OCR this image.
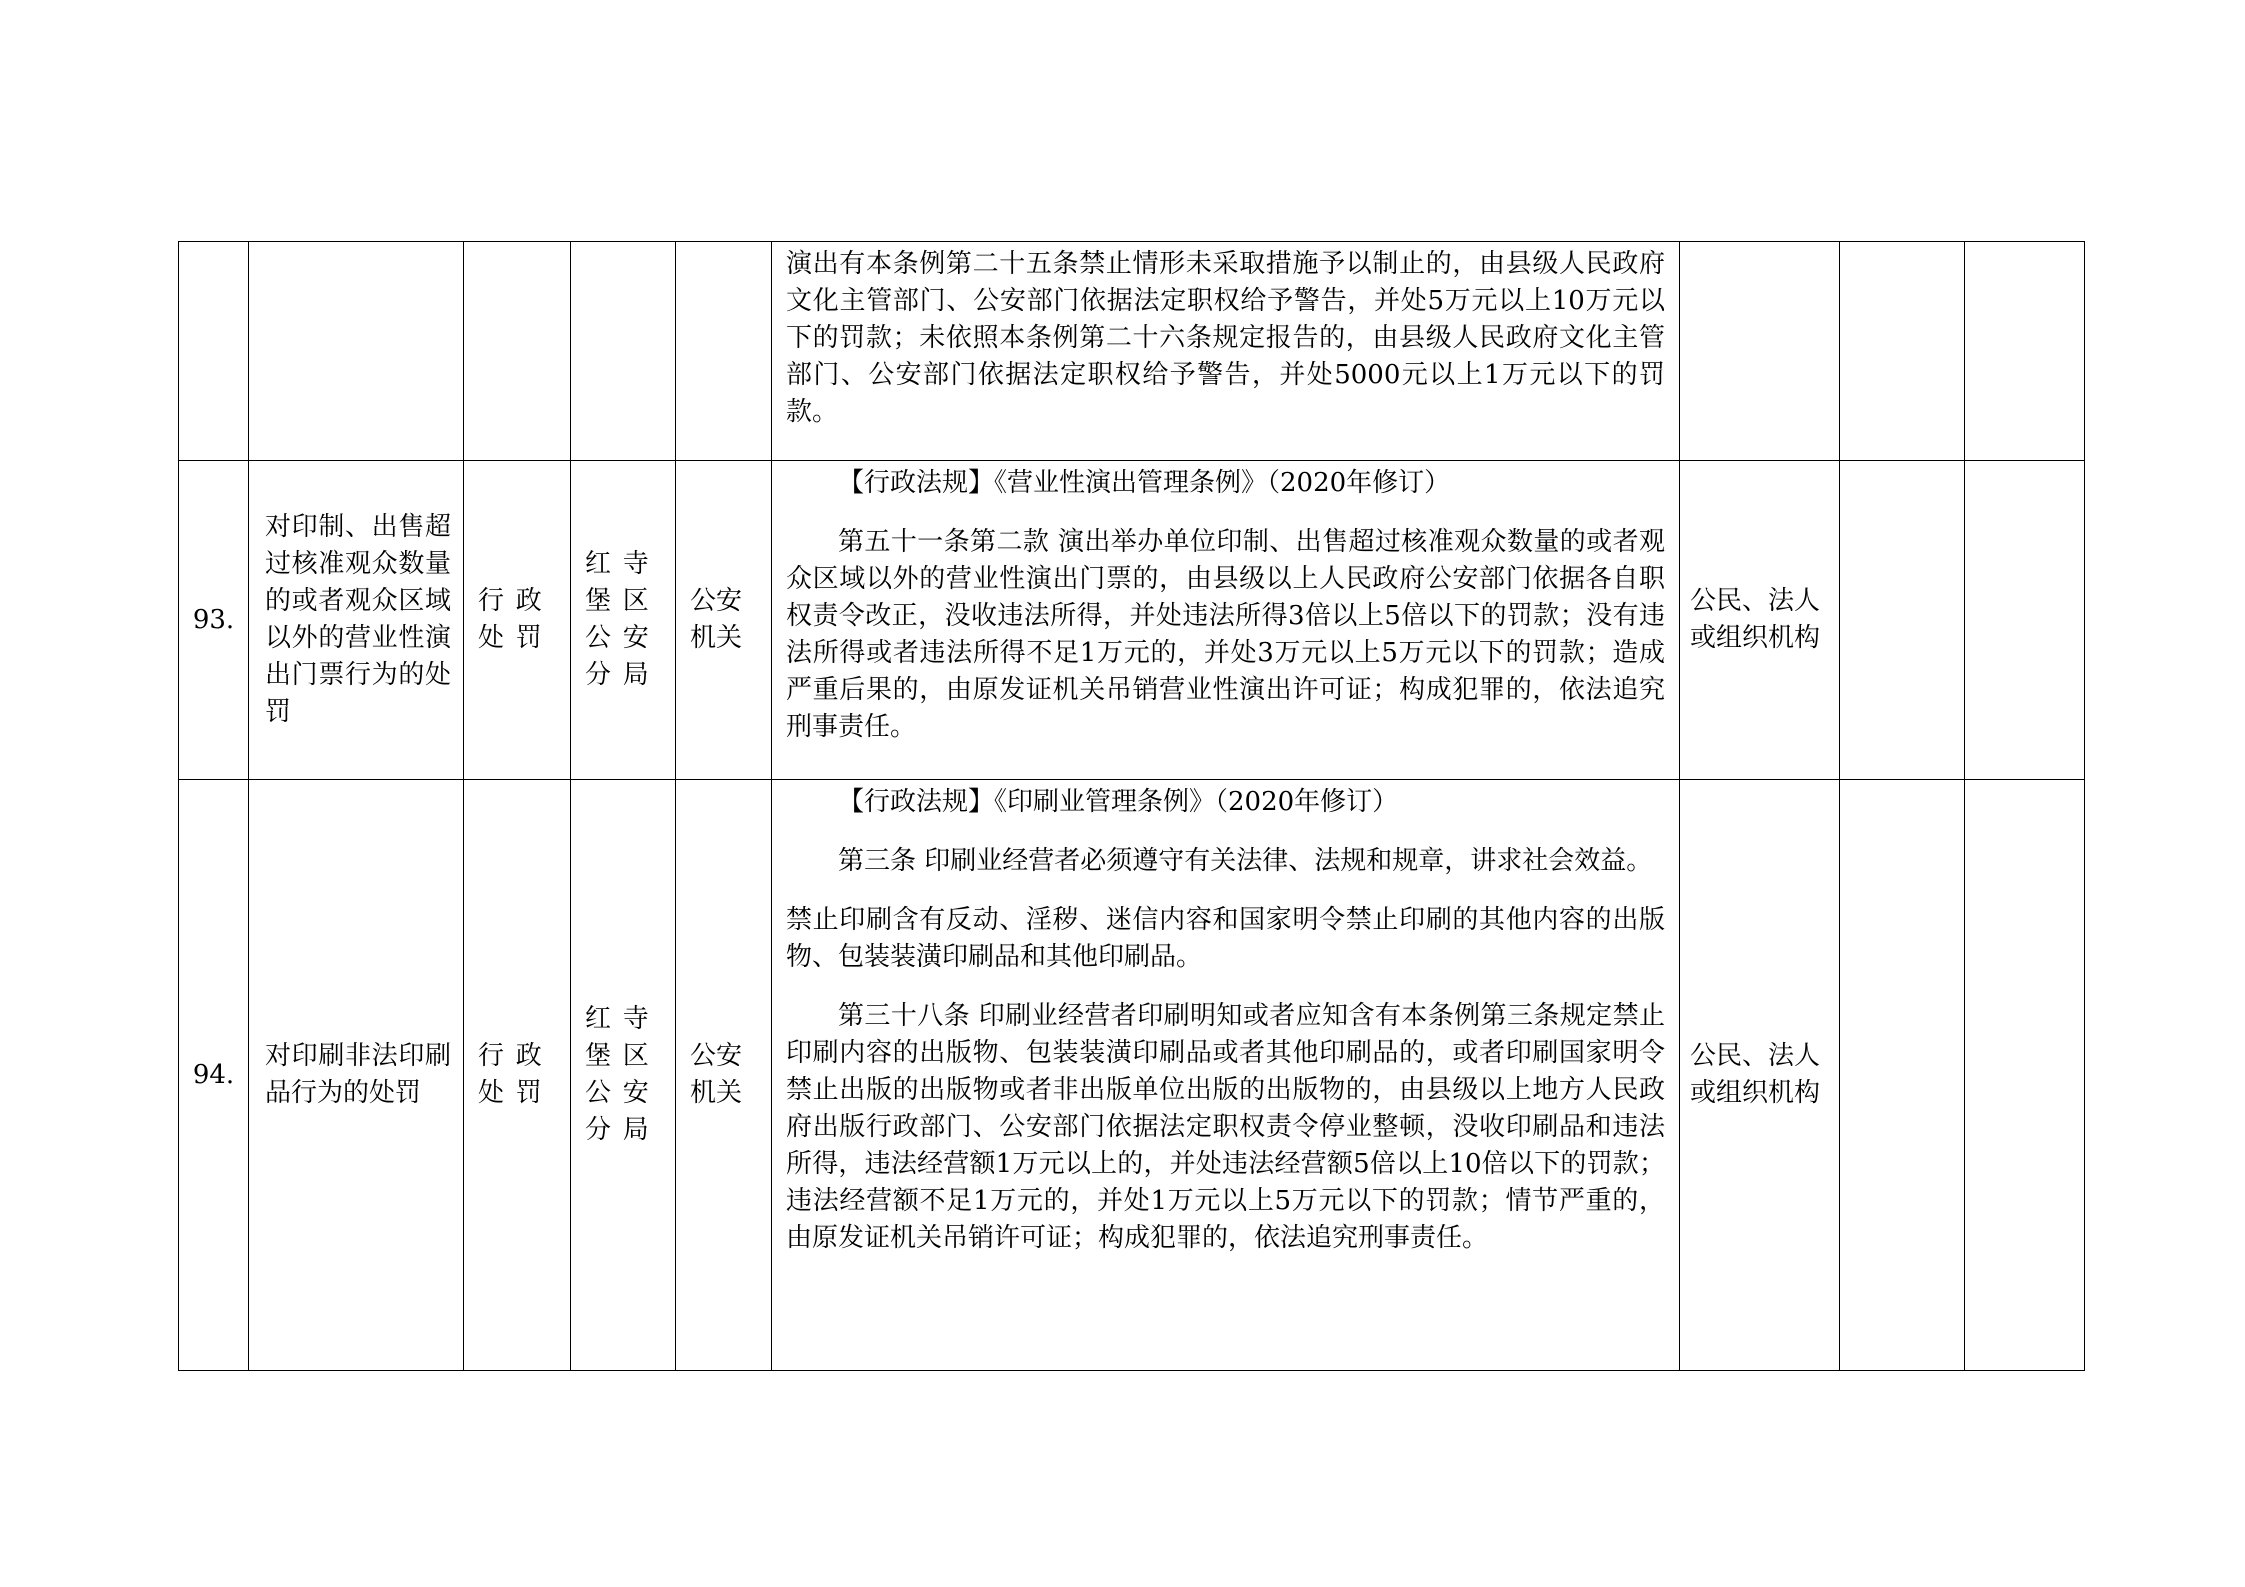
					演出有本条例第二十五条禁止情形未采取措施予以制止的，由县级人民政府文化主管部门、公安部门依据法定职权给予警告，并处5万元以上10万元以下的罚款；未依照本条例第二十六条规定报告的，由县级人民政府文化主管部门、公安部门依据法定职权给予警告，并处5000元以上1万元以下的罚款。			

93.	对印制、出售超过核准观众数量的或者观众区域以外的营业性演出门票行为的处罚	行政处罚	红寺堡区公安分局	公安机关	【行政法规】《营业性演出管理条例》（2020年修订）

第五十一条第二款 演出举办单位印制、出售超过核准观众数量的或者观众区域以外的营业性演出门票的，由县级以上人民政府公安部门依据各自职权责令改正，没收违法所得，并处违法所得3倍以上5倍以下的罚款；没有违法所得或者违法所得不足1万元的，并处3万元以上5万元以下的罚款；造成严重后果的，由原发证机关吊销营业性演出许可证；构成犯罪的，依法追究刑事责任。	公民、法人或组织机构		
94.	对印刷非法印刷品行为的处罚	行政处罚	红寺堡区公安分局	公安机关	【行政法规】《印刷业管理条例》（2020年修订）

第三条 印刷业经营者必须遵守有关法律、法规和规章，讲求社会效益。

禁止印刷含有反动、淫秽、迷信内容和国家明令禁止印刷的其他内容的出版物、包装装潢印刷品和其他印刷品。

第三十八条 印刷业经营者印刷明知或者应知含有本条例第三条规定禁止印刷内容的出版物、包装装潢印刷品或者其他印刷品的，或者印刷国家明令禁止出版的出版物或者非出版单位出版的出版物的，由县级以上地方人民政府出版行政部门、公安部门依据法定职权责令停业整顿，没收印刷品和违法所得，违法经营额1万元以上的，并处违法经营额5倍以上10倍以下的罚款；违法经营额不足1万元的，并处1万元以上5万元以下的罚款；情节严重的，由原发证机关吊销许可证；构成犯罪的，依法追究刑事责任。	公民、法人或组织机构		
